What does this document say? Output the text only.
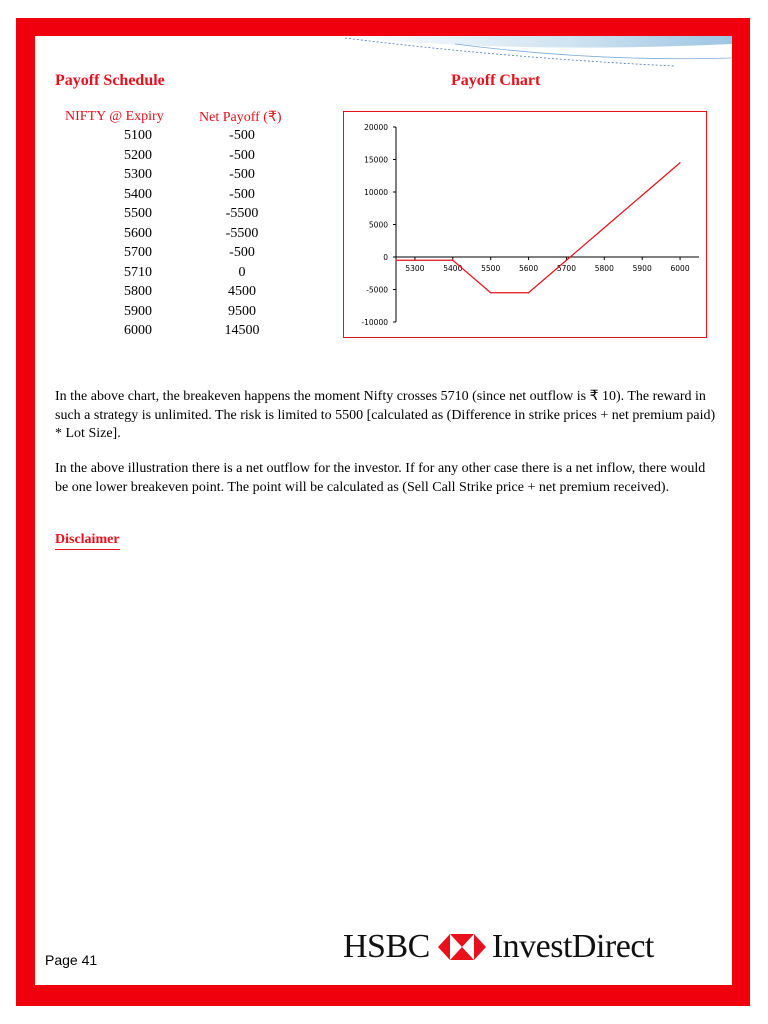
Payoff Schedule	Payoff Chart
NIFTY @ Expiry	Net Payoff (₹)
5100	-500
5200	-500
5300	-500
5400	-500
5500	-5500
5600	-5500
5700	-500
5710	0
5800	4500
5900	9500
6000	14500
20000
15000
10000
5000
0
-5000
-10000
5300	5400	5500	5600	5700	5800	5900	6000
In the above chart, the breakeven happens the moment Nifty crosses 5710 (since net outflow is ₹ 10). The reward in such a strategy is unlimited. The risk is limited to 5500 [calculated as (Difference in strike prices + net premium paid) * Lot Size].
In the above illustration there is a net outflow for the investor. If for any other case there is a net inflow, there would be one lower breakeven point. The point will be calculated as (Sell Call Strike price + net premium received).
Disclaimer
Page 41	HSBC InvestDirect
